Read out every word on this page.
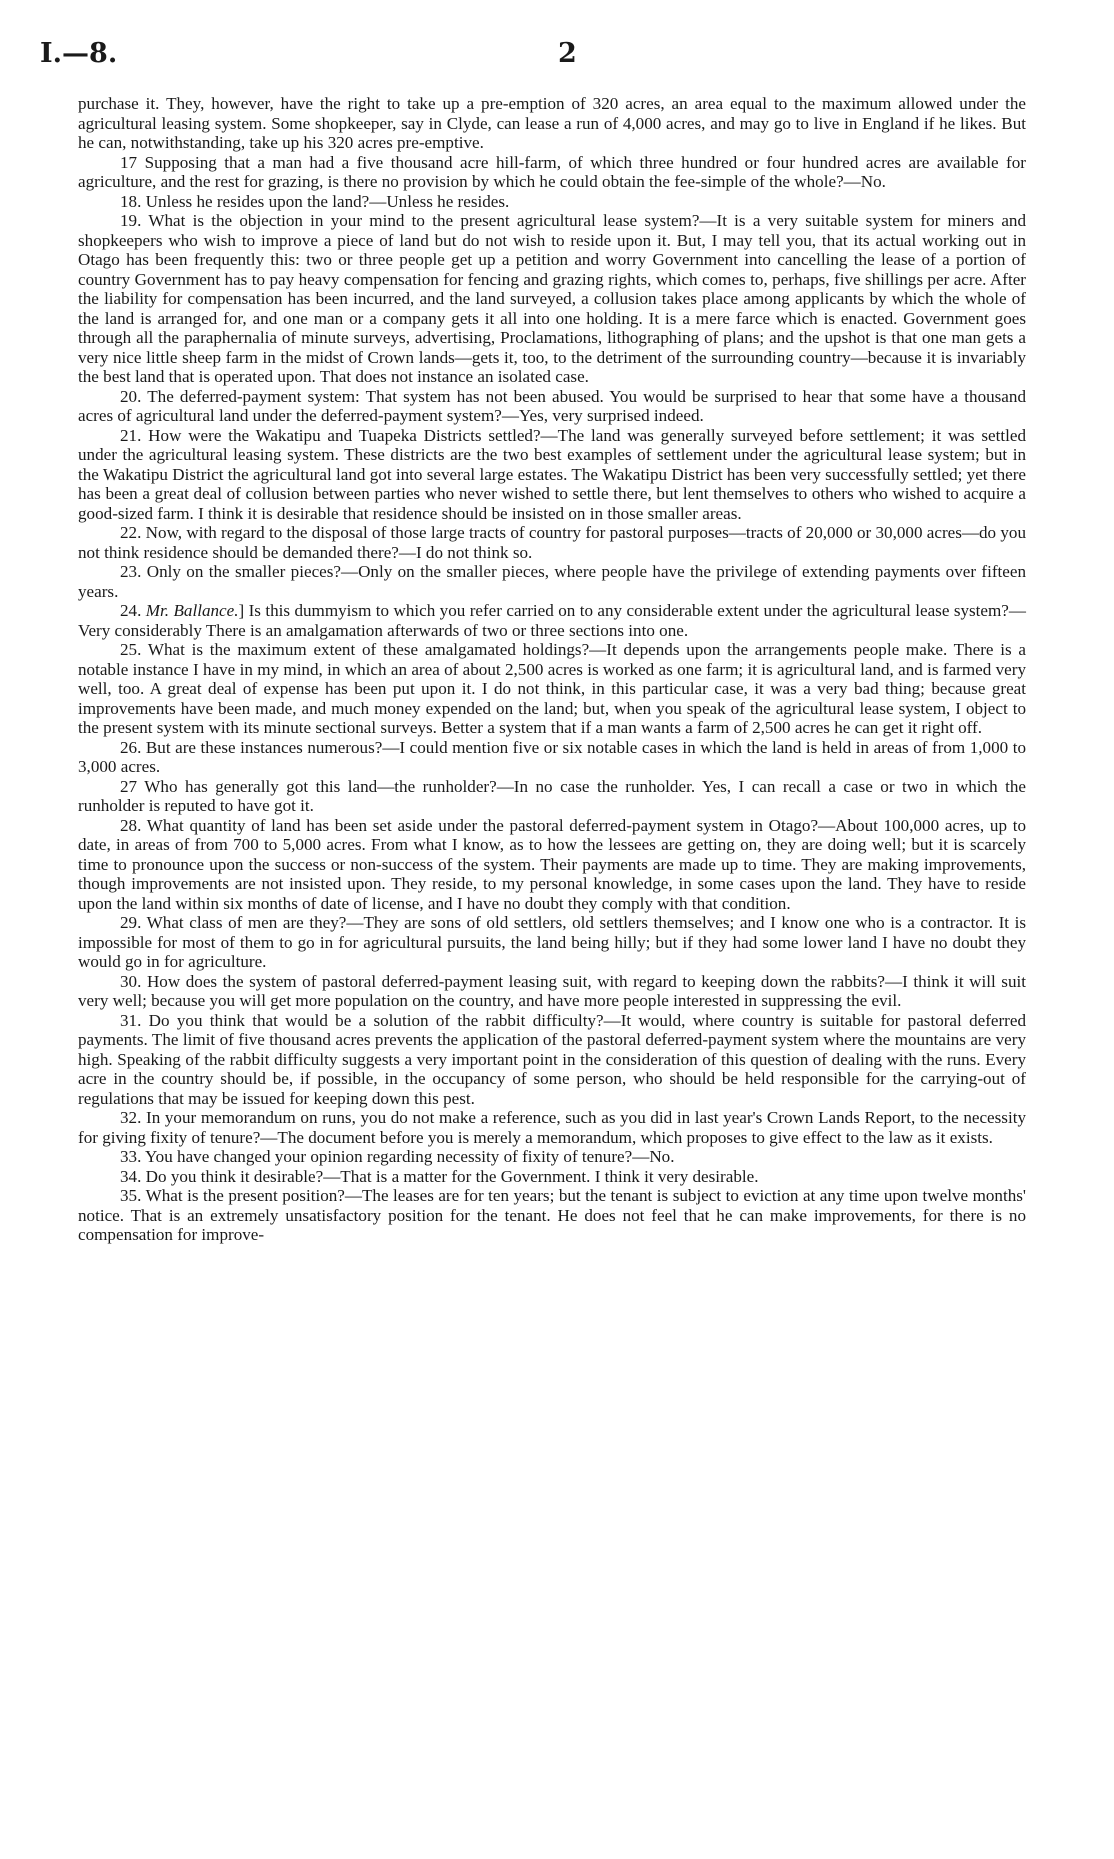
I.—8.	2

purchase it. They, however, have the right to take up a pre-emption of 320 acres, an area equal to the maximum allowed under the agricultural leasing system. Some shopkeeper, say in Clyde, can lease a run of 4,000 acres, and may go to live in England if he likes. But he can, notwithstanding, take up his 320 acres pre-emptive.

17 Supposing that a man had a five thousand acre hill-farm, of which three hundred or four hundred acres are available for agriculture, and the rest for grazing, is there no provision by which he could obtain the fee-simple of the whole?—No.

18. Unless he resides upon the land?—Unless he resides.

19. What is the objection in your mind to the present agricultural lease system?—It is a very suitable system for miners and shopkeepers who wish to improve a piece of land but do not wish to reside upon it. But, I may tell you, that its actual working out in Otago has been frequently this: two or three people get up a petition and worry Government into cancelling the lease of a portion of country Government has to pay heavy compensation for fencing and grazing rights, which comes to, perhaps, five shillings per acre. After the liability for compensation has been incurred, and the land surveyed, a collusion takes place among applicants by which the whole of the land is arranged for, and one man or a company gets it all into one holding. It is a mere farce which is enacted. Government goes through all the paraphernalia of minute surveys, advertising, Proclamations, lithographing of plans; and the upshot is that one man gets a very nice little sheep farm in the midst of Crown lands—gets it, too, to the detriment of the surrounding country—because it is invariably the best land that is operated upon. That does not instance an isolated case.

20. The deferred-payment system: That system has not been abused. You would be surprised to hear that some have a thousand acres of agricultural land under the deferred-payment system?—Yes, very surprised indeed.

21. How were the Wakatipu and Tuapeka Districts settled?—The land was generally surveyed before settlement; it was settled under the agricultural leasing system. These districts are the two best examples of settlement under the agricultural lease system; but in the Wakatipu District the agricultural land got into several large estates. The Wakatipu District has been very successfully settled; yet there has been a great deal of collusion between parties who never wished to settle there, but lent themselves to others who wished to acquire a good-sized farm. I think it is desirable that residence should be insisted on in those smaller areas.

22. Now, with regard to the disposal of those large tracts of country for pastoral purposes—tracts of 20,000 or 30,000 acres—do you not think residence should be demanded there?—I do not think so.

23. Only on the smaller pieces?—Only on the smaller pieces, where people have the privilege of extending payments over fifteen years.

24. Mr. Ballance.] Is this dummyism to which you refer carried on to any considerable extent under the agricultural lease system?—Very considerably There is an amalgamation afterwards of two or three sections into one.

25. What is the maximum extent of these amalgamated holdings?—It depends upon the arrangements people make. There is a notable instance I have in my mind, in which an area of about 2,500 acres is worked as one farm; it is agricultural land, and is farmed very well, too. A great deal of expense has been put upon it. I do not think, in this particular case, it was a very bad thing; because great improvements have been made, and much money expended on the land; but, when you speak of the agricultural lease system, I object to the present system with its minute sectional surveys. Better a system that if a man wants a farm of 2,500 acres he can get it right off.

26. But are these instances numerous?—I could mention five or six notable cases in which the land is held in areas of from 1,000 to 3,000 acres.

27 Who has generally got this land—the runholder?—In no case the runholder. Yes, I can recall a case or two in which the runholder is reputed to have got it.

28. What quantity of land has been set aside under the pastoral deferred-payment system in Otago?—About 100,000 acres, up to date, in areas of from 700 to 5,000 acres. From what I know, as to how the lessees are getting on, they are doing well; but it is scarcely time to pronounce upon the success or non-success of the system. Their payments are made up to time. They are making improvements, though improvements are not insisted upon. They reside, to my personal knowledge, in some cases upon the land. They have to reside upon the land within six months of date of license, and I have no doubt they comply with that condition.

29. What class of men are they?—They are sons of old settlers, old settlers themselves; and I know one who is a contractor. It is impossible for most of them to go in for agricultural pursuits, the land being hilly; but if they had some lower land I have no doubt they would go in for agriculture.

30. How does the system of pastoral deferred-payment leasing suit, with regard to keeping down the rabbits?—I think it will suit very well; because you will get more population on the country, and have more people interested in suppressing the evil.

31. Do you think that would be a solution of the rabbit difficulty?—It would, where country is suitable for pastoral deferred payments. The limit of five thousand acres prevents the application of the pastoral deferred-payment system where the mountains are very high. Speaking of the rabbit difficulty suggests a very important point in the consideration of this question of dealing with the runs. Every acre in the country should be, if possible, in the occupancy of some person, who should be held responsible for the carrying-out of regulations that may be issued for keeping down this pest.

32. In your memorandum on runs, you do not make a reference, such as you did in last year's Crown Lands Report, to the necessity for giving fixity of tenure?—The document before you is merely a memorandum, which proposes to give effect to the law as it exists.

33. You have changed your opinion regarding necessity of fixity of tenure?—No.

34. Do you think it desirable?—That is a matter for the Government. I think it very desirable.

35. What is the present position?—The leases are for ten years; but the tenant is subject to eviction at any time upon twelve months' notice. That is an extremely unsatisfactory position for the tenant. He does not feel that he can make improvements, for there is no compensation for improve-
